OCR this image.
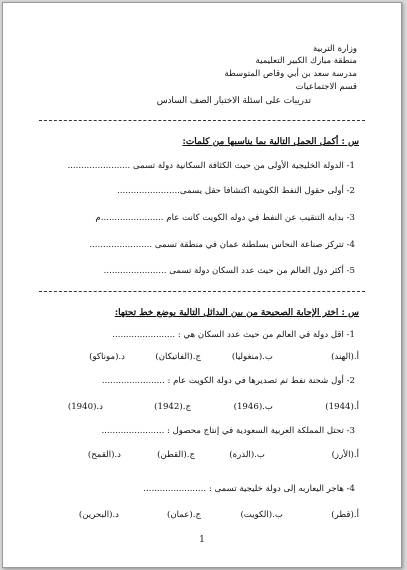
وزارة التربية
منطقة مبارك الكبير التعليمية
مدرسة سعد بن أبي وقاص المتوسطة
قسم الاجتماعيات
تدريبات على اسئلة الاختبار الصف السادس
س : أكمل الجمل التالية بما يناسبها من كلمات:
1- الدولة الخليجية الأولى من حيث الكثافة السكانية دولة تسمى .......................
2- أولى حقول النفط الكويتية اكتشافا حقل يسمى.......................
3- بداية التنقيب عن النفط في دوله الكويت كانت عام .......................م
4- تتركز صناعة النحاس بسلطنة عمان في منطقة تسمى .......................
5- أكثر دول العالم من حيث عدد السكان دولة تسمى .......................
س : اختر الإجابة الصحيحة من بين البدائل التالية بوضع خط تحتها:
1- اقل دولة في العالم من حيث عدد السكان هي : .......................
أ.(الهند)
ب.(منغوليا)
ج.(الفاتيكان)
د.(موناكو)
2- أول شحنة نفط تم تصديرها في دولة الكويت عام : .......................
أ.(1944)
ب.(1946)
ج.(1942)
د.(1940)
3- تحتل المملكة العربية السعودية في إنتاج محصول : .......................
أ.(الأرز)
ب.(الذرة)
ج.(القطن)
د.(القمح)
4- هاجر اليعاربه إلى دولة خليجية تسمى : .......................
أ.(قطر)
ب.(الكويت)
ج.(عمان)
د.(البحرين)
1
